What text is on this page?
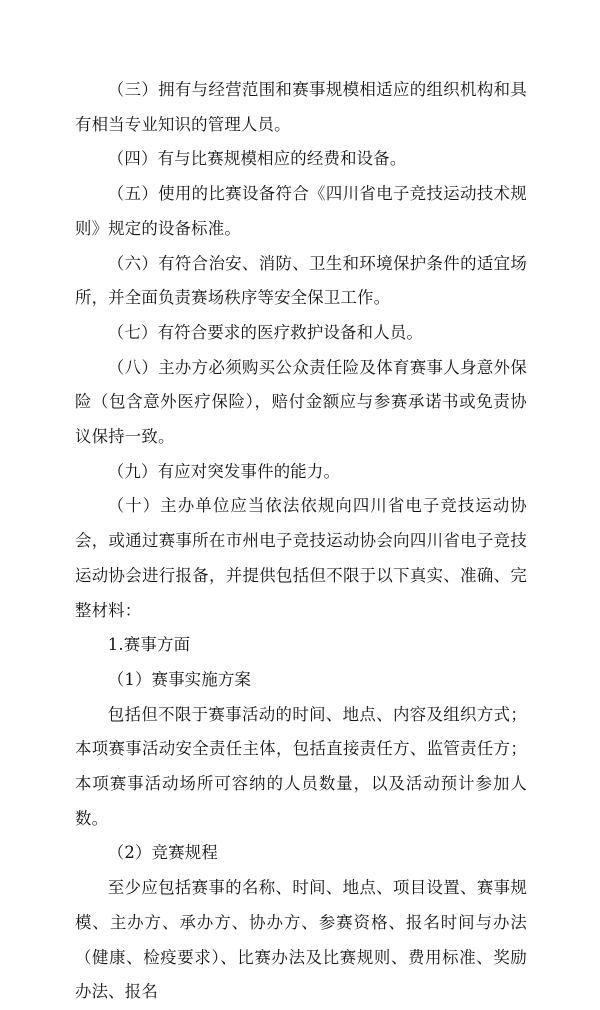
（三）拥有与经营范围和赛事规模相适应的组织机构和具有相当专业知识的管理人员。

（四）有与比赛规模相应的经费和设备。

（五）使用的比赛设备符合《四川省电子竞技运动技术规则》规定的设备标准。

（六）有符合治安、消防、卫生和环境保护条件的适宜场所，并全面负责赛场秩序等安全保卫工作。

（七）有符合要求的医疗救护设备和人员。

（八）主办方必须购买公众责任险及体育赛事人身意外保险（包含意外医疗保险），赔付金额应与参赛承诺书或免责协议保持一致。

（九）有应对突发事件的能力。

（十）主办单位应当依法依规向四川省电子竞技运动协会，或通过赛事所在市州电子竞技运动协会向四川省电子竞技运动协会进行报备，并提供包括但不限于以下真实、准确、完整材料：

1.赛事方面

（1）赛事实施方案

包括但不限于赛事活动的时间、地点、内容及组织方式；本项赛事活动安全责任主体，包括直接责任方、监管责任方；本项赛事活动场所可容纳的人员数量，以及活动预计参加人数。

（2）竞赛规程

至少应包括赛事的名称、时间、地点、项目设置、赛事规模、主办方、承办方、协办方、参赛资格、报名时间与办法（健康、检疫要求）、比赛办法及比赛规则、费用标准、奖励办法、报名
